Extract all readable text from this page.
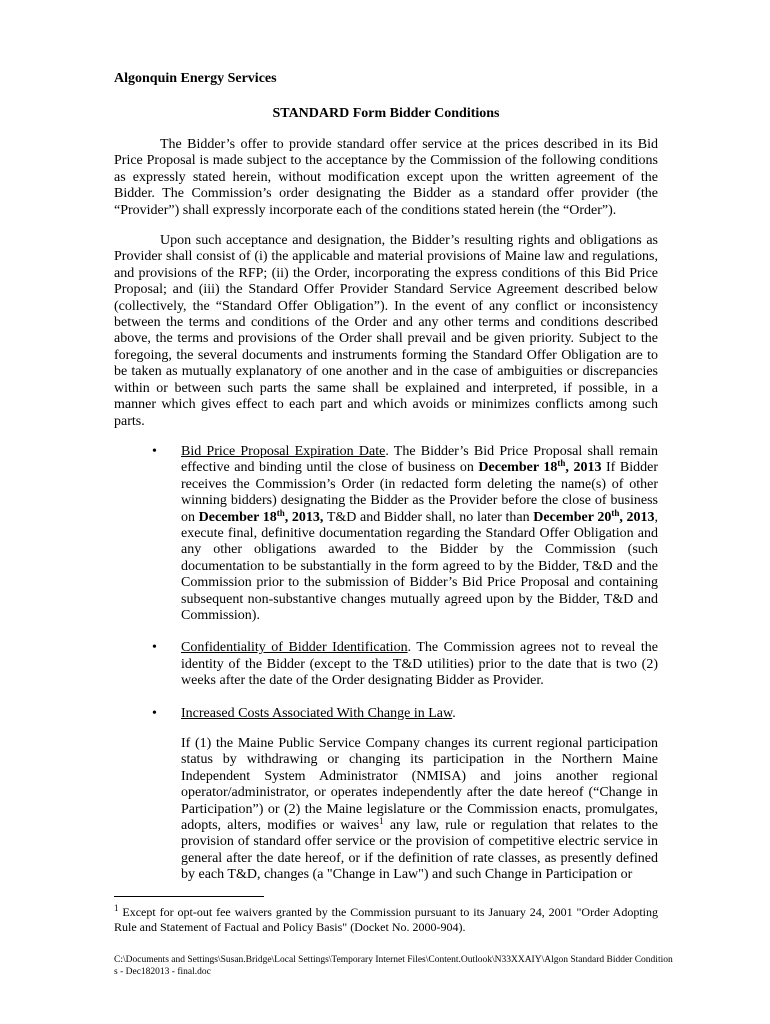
Algonquin Energy Services

STANDARD Form Bidder Conditions

The Bidder’s offer to provide standard offer service at the prices described in its Bid Price Proposal is made subject to the acceptance by the Commission of the following conditions as expressly stated herein, without modification except upon the written agreement of the Bidder. The Commission’s order designating the Bidder as a standard offer provider (the “Provider”) shall expressly incorporate each of the conditions stated herein (the “Order”).

Upon such acceptance and designation, the Bidder’s resulting rights and obligations as Provider shall consist of (i) the applicable and material provisions of Maine law and regulations, and provisions of the RFP; (ii) the Order, incorporating the express conditions of this Bid Price Proposal; and (iii) the Standard Offer Provider Standard Service Agreement described below (collectively, the “Standard Offer Obligation”). In the event of any conflict or inconsistency between the terms and conditions of the Order and any other terms and conditions described above, the terms and provisions of the Order shall prevail and be given priority. Subject to the foregoing, the several documents and instruments forming the Standard Offer Obligation are to be taken as mutually explanatory of one another and in the case of ambiguities or discrepancies within or between such parts the same shall be explained and interpreted, if possible, in a manner which gives effect to each part and which avoids or minimizes conflicts among such parts.

• Bid Price Proposal Expiration Date. The Bidder’s Bid Price Proposal shall remain effective and binding until the close of business on December 18th, 2013 If Bidder receives the Commission’s Order (in redacted form deleting the name(s) of other winning bidders) designating the Bidder as the Provider before the close of business on December 18th, 2013, T&D and Bidder shall, no later than December 20th, 2013, execute final, definitive documentation regarding the Standard Offer Obligation and any other obligations awarded to the Bidder by the Commission (such documentation to be substantially in the form agreed to by the Bidder, T&D and the Commission prior to the submission of Bidder’s Bid Price Proposal and containing subsequent non-substantive changes mutually agreed upon by the Bidder, T&D and Commission).
• Confidentiality of Bidder Identification. The Commission agrees not to reveal the identity of the Bidder (except to the T&D utilities) prior to the date that is two (2) weeks after the date of the Order designating Bidder as Provider.
• Increased Costs Associated With Change in Law.
If (1) the Maine Public Service Company changes its current regional participation status by withdrawing or changing its participation in the Northern Maine Independent System Administrator (NMISA) and joins another regional operator/administrator, or operates independently after the date hereof (“Change in Participation”) or (2) the Maine legislature or the Commission enacts, promulgates, adopts, alters, modifies or waives$^1$ any law, rule or regulation that relates to the provision of standard offer service or the provision of competitive electric service in general after the date hereof, or if the definition of rate classes, as presently defined by each T&D, changes (a "Change in Law") and such Change in Participation or

$^1$ Except for opt-out fee waivers granted by the Commission pursuant to its January 24, 2001 "Order Adopting Rule and Statement of Factual and Policy Basis" (Docket No. 2000-904).

C:\Documents and Settings\Susan.Bridge\Local Settings\Temporary Internet Files\Content.Outlook\N33XXAIY\Algon Standard Bidder Conditions - Dec182013 - final.doc
